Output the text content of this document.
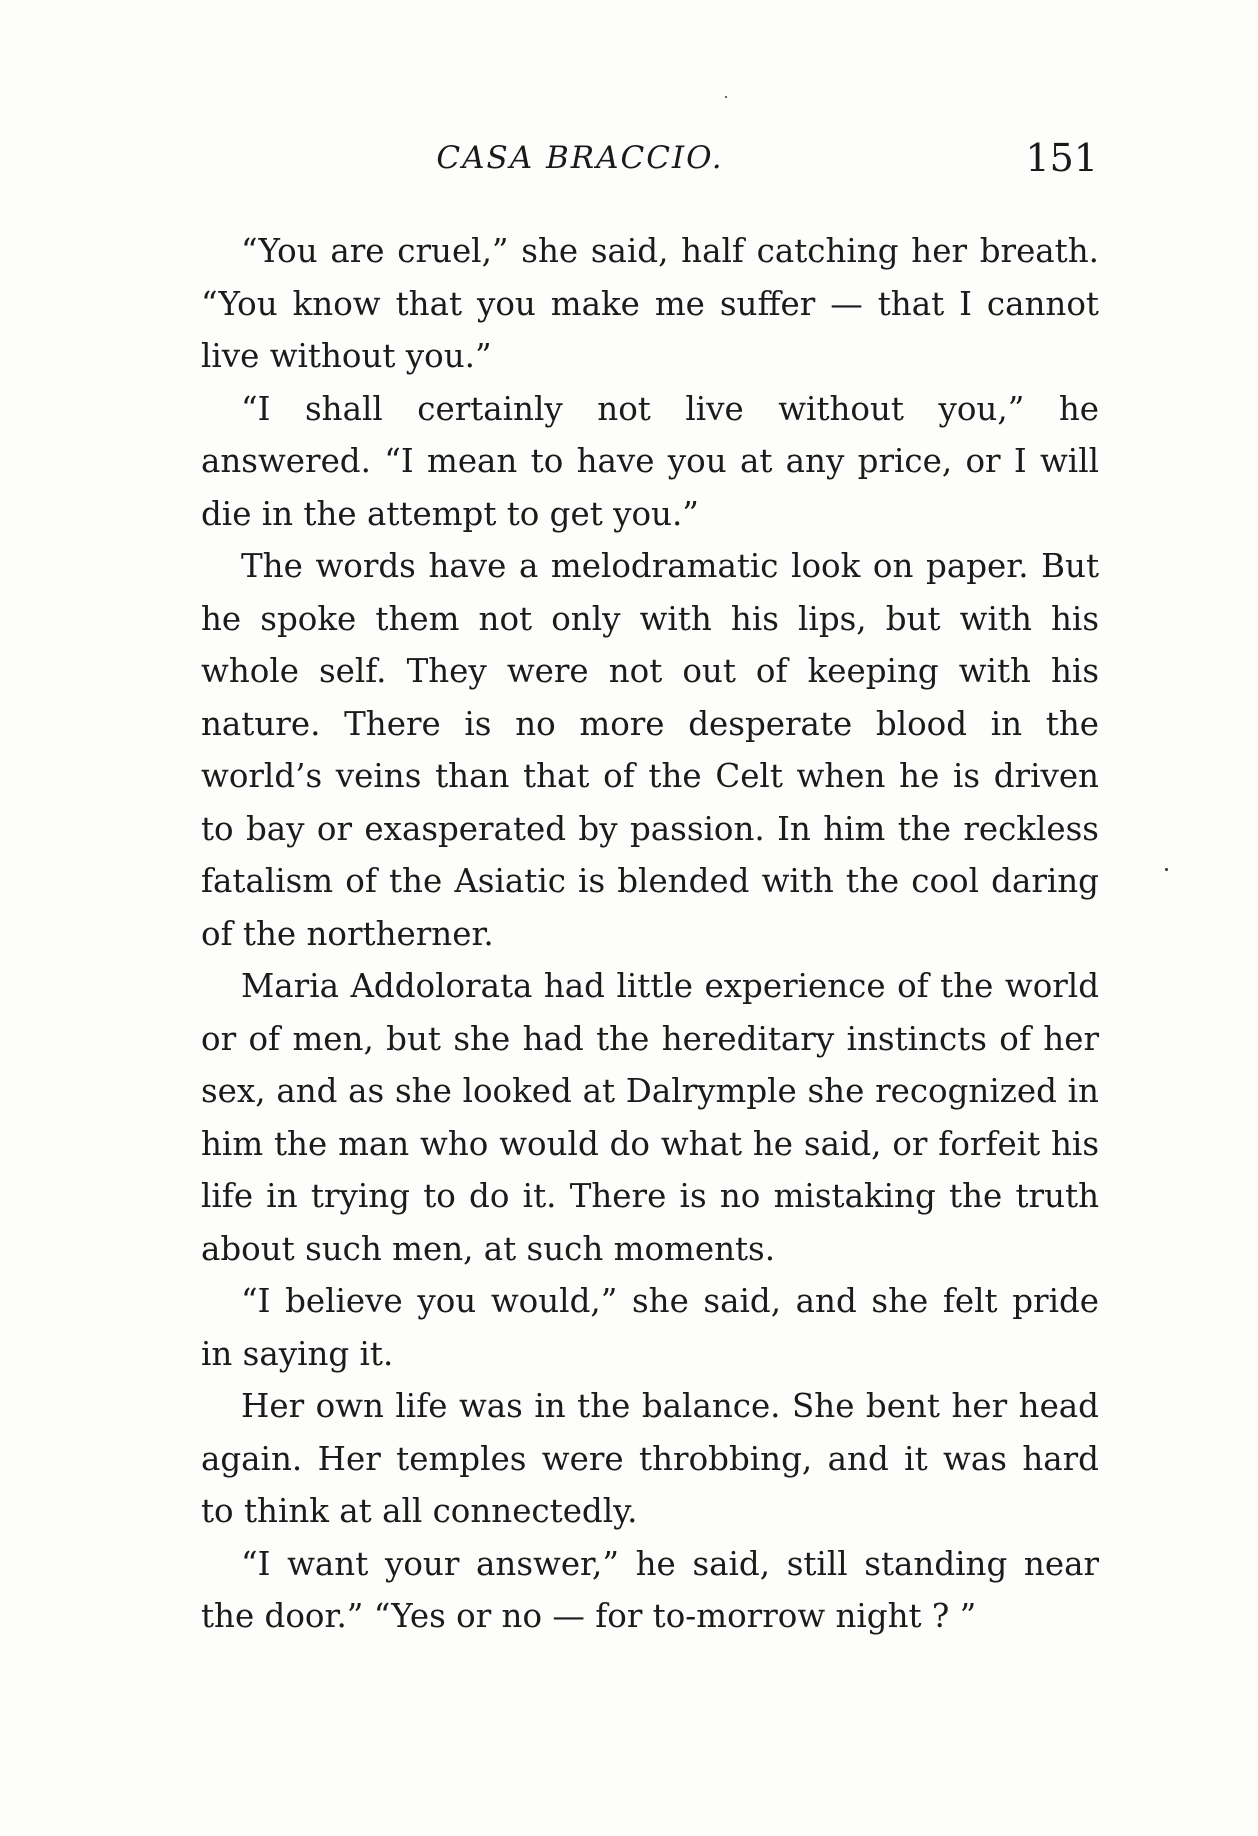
CASA BRACCIO.	151

“You are cruel,” she said, half catching her breath. “You know that you make me suffer — that I cannot live without you.”

“I shall certainly not live without you,” he answered. “I mean to have you at any price, or I will die in the attempt to get you.”

The words have a melodramatic look on paper. But he spoke them not only with his lips, but with his whole self. They were not out of keeping with his nature. There is no more desperate blood in the world’s veins than that of the Celt when he is driven to bay or exasperated by passion. In him the reckless fatalism of the Asiatic is blended with the cool daring of the northerner.

Maria Addolorata had little experience of the world or of men, but she had the hereditary instincts of her sex, and as she looked at Dalrymple she recognized in him the man who would do what he said, or forfeit his life in trying to do it. There is no mistaking the truth about such men, at such moments.

“I believe you would,” she said, and she felt pride in saying it.

Her own life was in the balance. She bent her head again. Her temples were throbbing, and it was hard to think at all connectedly.

“I want your answer,” he said, still standing near the door.” “Yes or no — for to-morrow night ? ”
